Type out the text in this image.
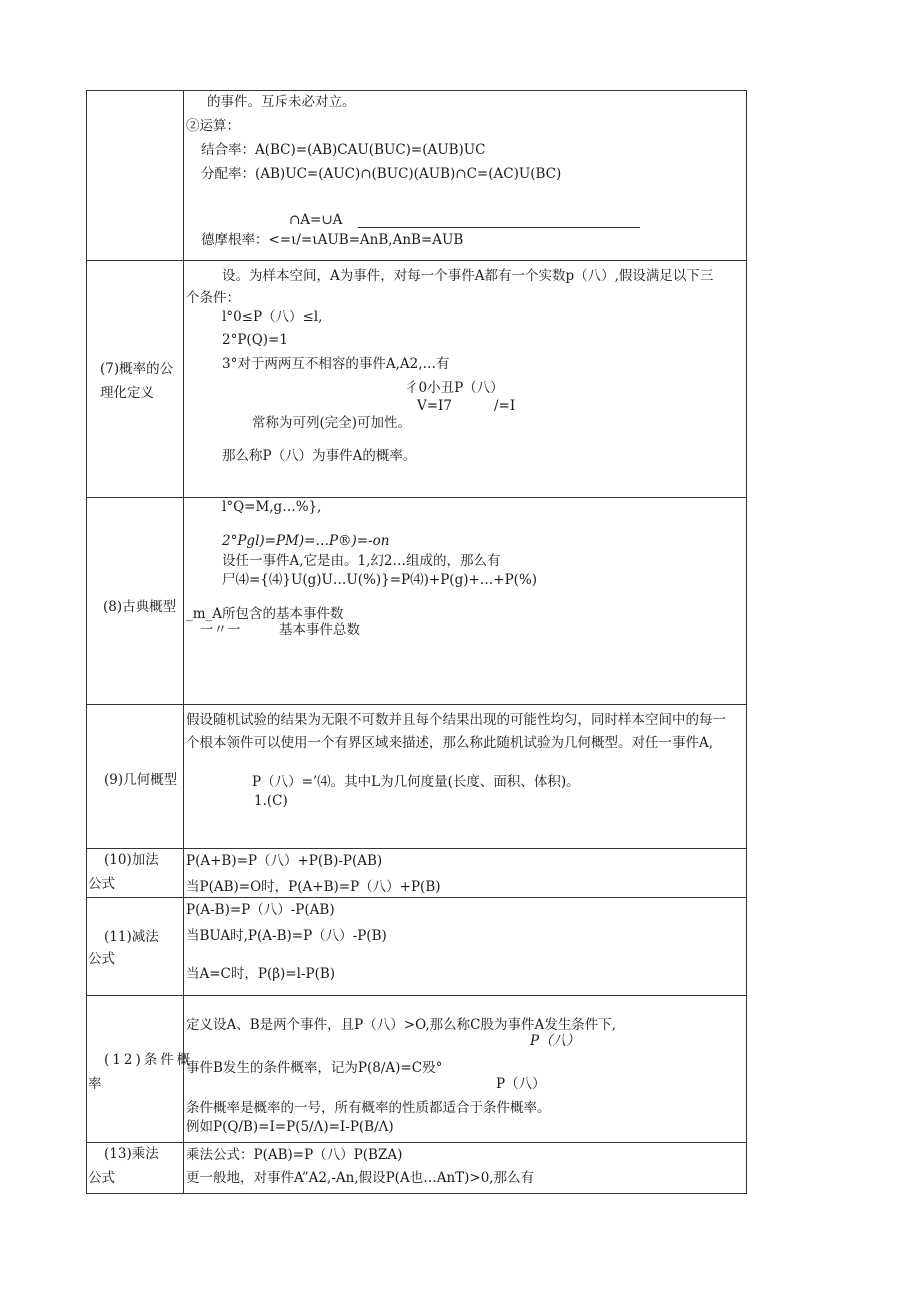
的事件。互斥未必对立。
②运算：
结合率：A(BC)=(AB)CAU(BUC)=(AUB)UC
分配率：(AB)UC=(AUC)∩(BUC)(AUB)∩C=(AC)U(BC)
∩A=∪A
德摩根率：<=ι/=ιAUB=AnB,AnB=AUB
(7)概率的公理化定义
设。为样本空间，A为事件，对每一个事件A都有一个实数p（八）,假设满足以下三
个条件：
l°0≤P（八）≤l,
2°P(Q)=1
3°对于两两互不相容的事件A,A2,…有
彳0小丑P（八）
V=I7	/=I
常称为可列(完全)可加性。
那么称P（八）为事件A的概率。
(8)古典概型
l°Q=M,g…%},
2°Pgl)=PM)=…P®)=-on
设任一事件A,它是由。1,幻2…组成的，那么有
尸⑷={⑷}U(g)U…U(%)}=P⑷)+P(g)+…+P(%)
_m_A所包含的基本事件数
一〃一	基本事件总数
(9)几何概型
假设随机试验的结果为无限不可数并且每个结果出现的可能性均匀，同时样本空间中的每一
个根本领件可以使用一个有界区域来描述，那么称此随机试验为几何概型。对任一事件A,
P（八）=’⑷。其中L为几何度量(长度、面积、体积)。
1.(C)
(10)加法
公式
P(A+B)=P（八）+P(B)-P(AB)
当P(AB)=O时，P(A+B)=P（八）+P(B)
(11)减法
公式
P(A-B)=P（八）-P(AB)
当BUA时,P(A-B)=P（八）-P(B)
当A=C时，P(β)=l-P(B)
(12)条件概
率
定义设A、B是两个事件，且P（八）>O,那么称C股为事件A发生条件下,
P（八）
事件B发生的条件概率，记为P(8∕A)=C殁°
P（八）
条件概率是概率的一号，所有概率的性质都适合于条件概率。
例如P(Q/B)=I=P(5∕Λ)=I-P(B∕Λ)
(13)乘法
公式
乘法公式：P(AB)=P（八）P(BZA)
更一般地，对事件A”A2,-An,假设P(A也…AnT)>0,那么有
